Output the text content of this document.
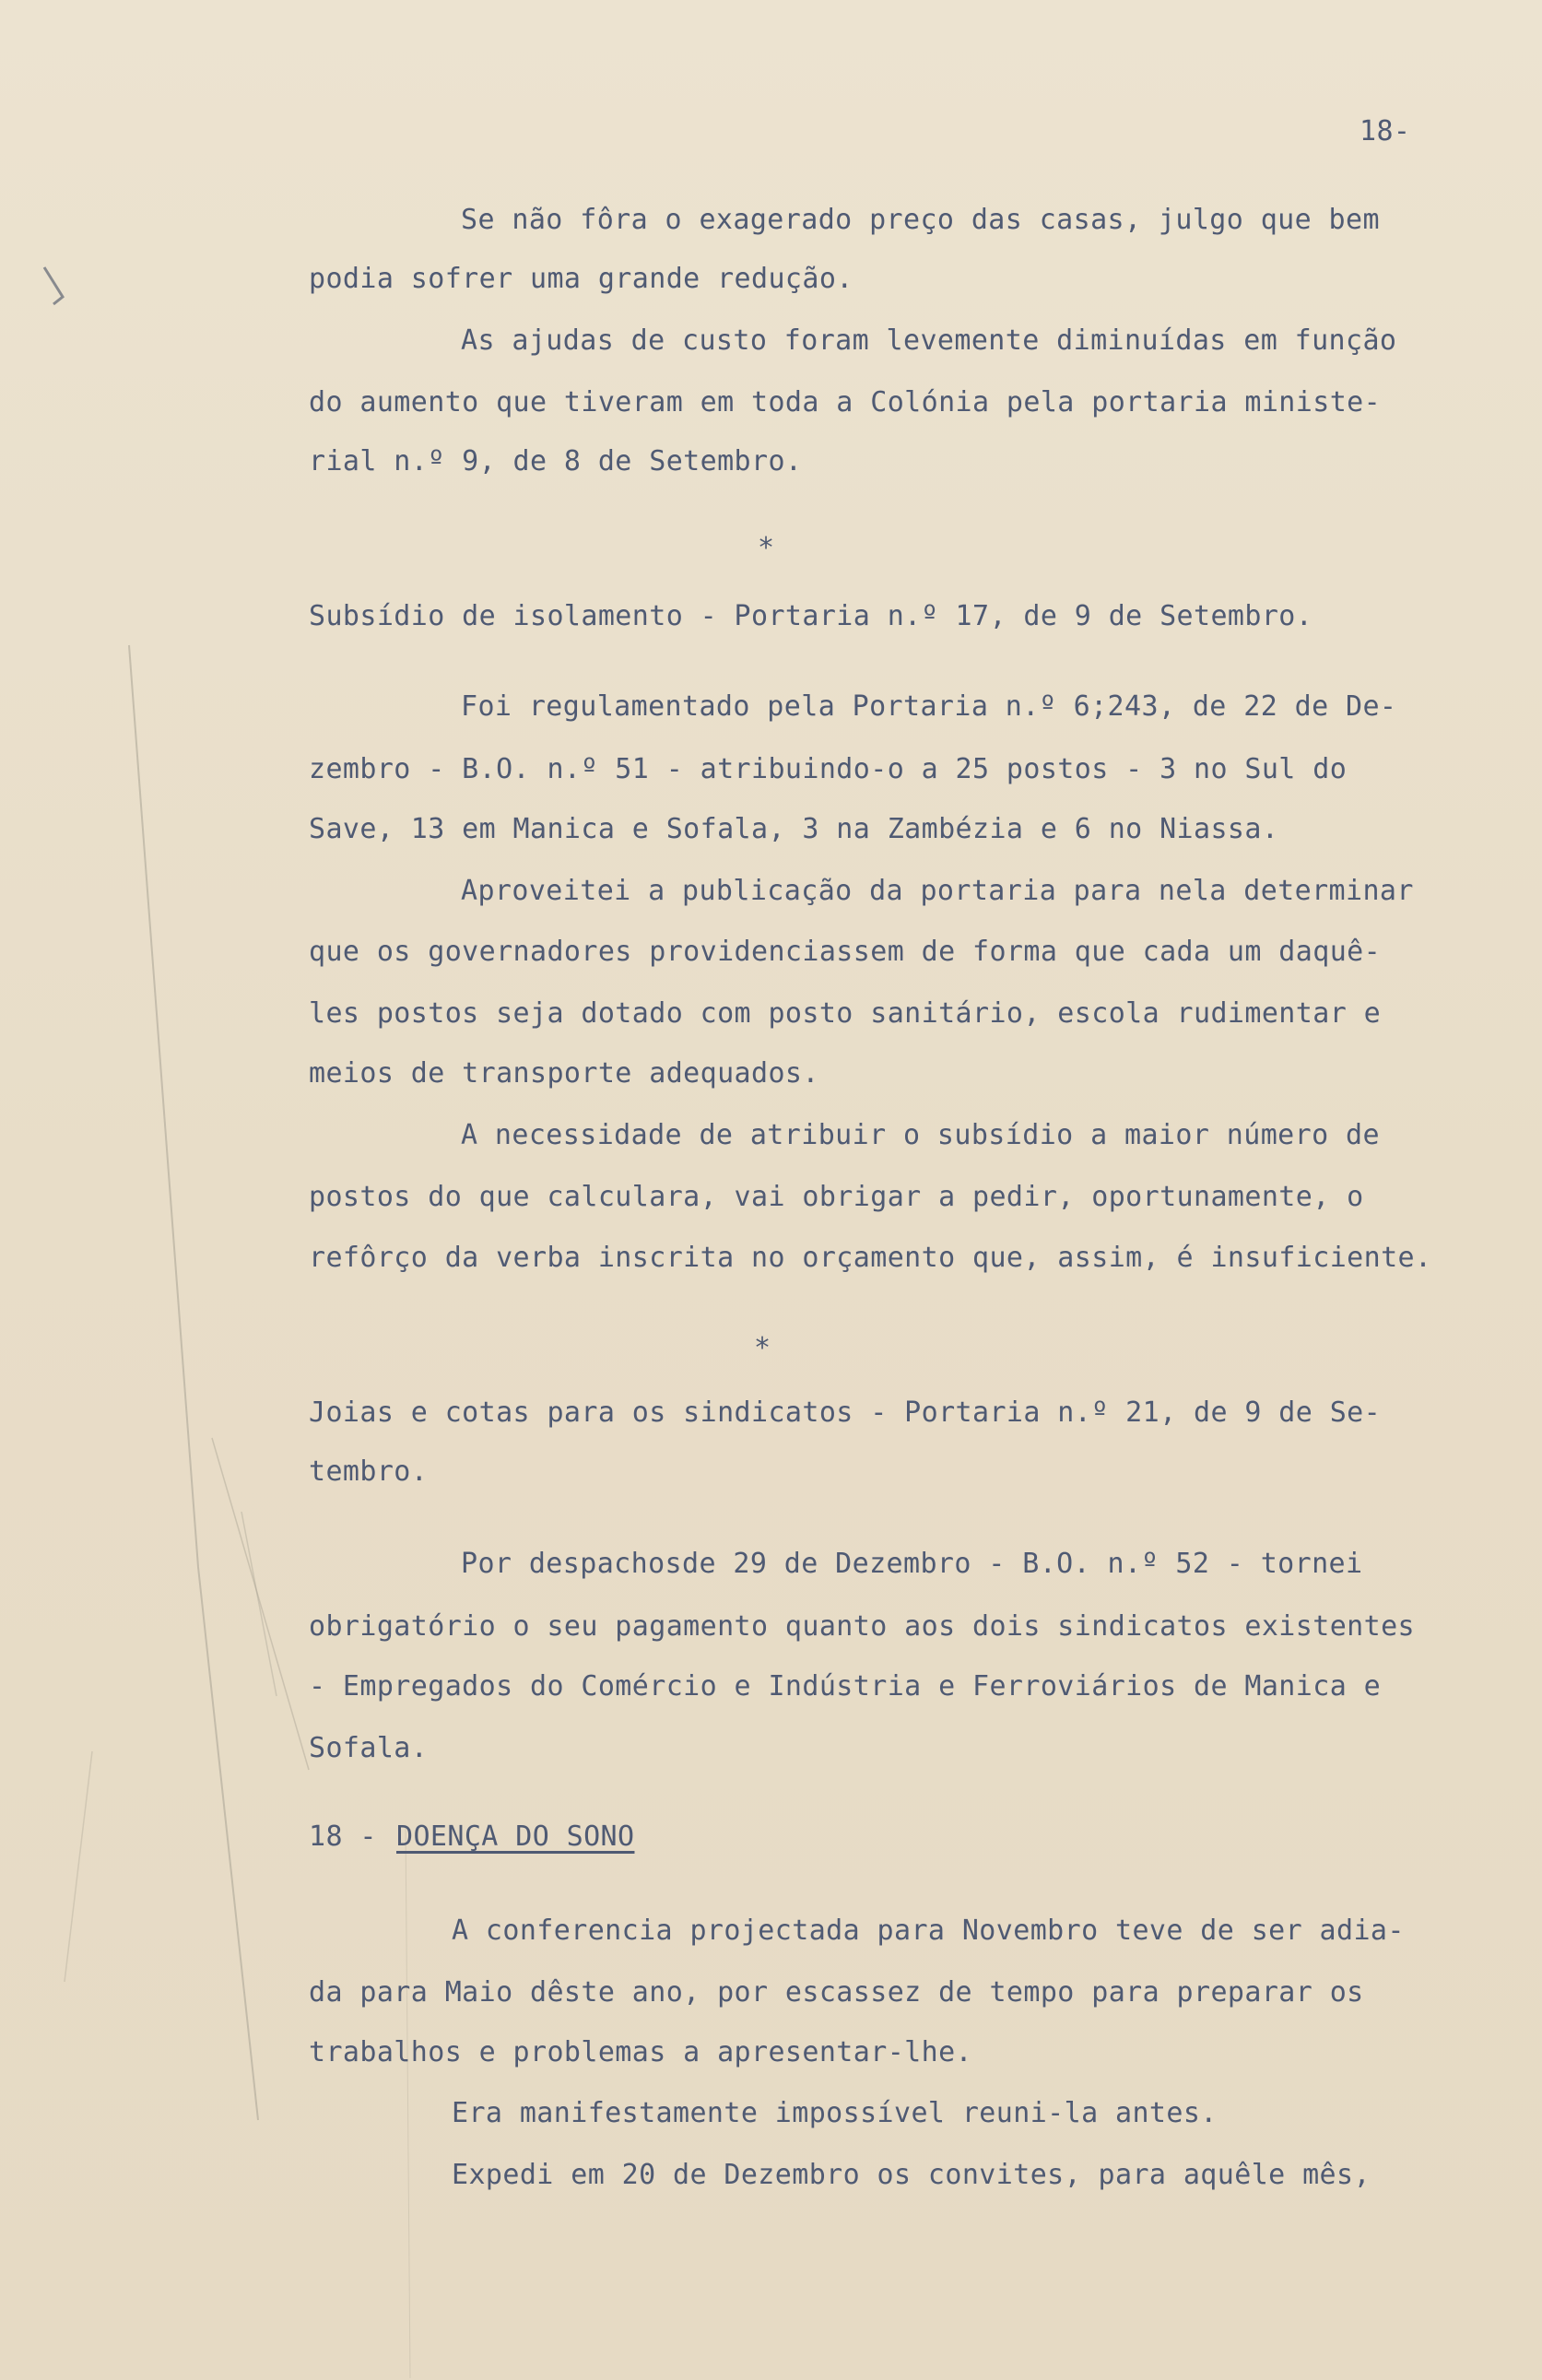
18-
Se não fôra o exagerado preço das casas, julgo que bem
podia sofrer uma grande redução.
As ajudas de custo foram levemente diminuídas em função
do aumento que tiveram em toda a Colónia pela portaria ministe-
rial n.º 9, de 8 de Setembro.
*
Subsídio de isolamento - Portaria n.º 17, de 9 de Setembro.
Foi regulamentado pela Portaria n.º 6;243, de 22 de De-
zembro - B.O. n.º 51 - atribuindo-o a 25 postos - 3 no Sul do
Save, 13 em Manica e Sofala, 3 na Zambézia e 6 no Niassa.
Aproveitei a publicação da portaria para nela determinar
que os governadores providenciassem de forma que cada um daquê-
les postos seja dotado com posto sanitário, escola rudimentar e
meios de transporte adequados.
A necessidade de atribuir o subsídio a maior número de
postos do que calculara, vai obrigar a pedir, oportunamente, o
refôrço da verba inscrita no orçamento que, assim, é insuficiente.
*
Joias e cotas para os sindicatos - Portaria n.º 21, de 9 de Se-
tembro.
Por despachosde 29 de Dezembro - B.O. n.º 52 - tornei
obrigatório o seu pagamento quanto aos dois sindicatos existentes
- Empregados do Comércio e Indústria e Ferroviários de Manica e
Sofala.
18 - DOENÇA DO SONO
A conferencia projectada para Novembro teve de ser adia-
da para Maio dêste ano, por escassez de tempo para preparar os
trabalhos e problemas a apresentar-lhe.
Era manifestamente impossível reuni-la antes.
Expedi em 20 de Dezembro os convites, para aquêle mês,
